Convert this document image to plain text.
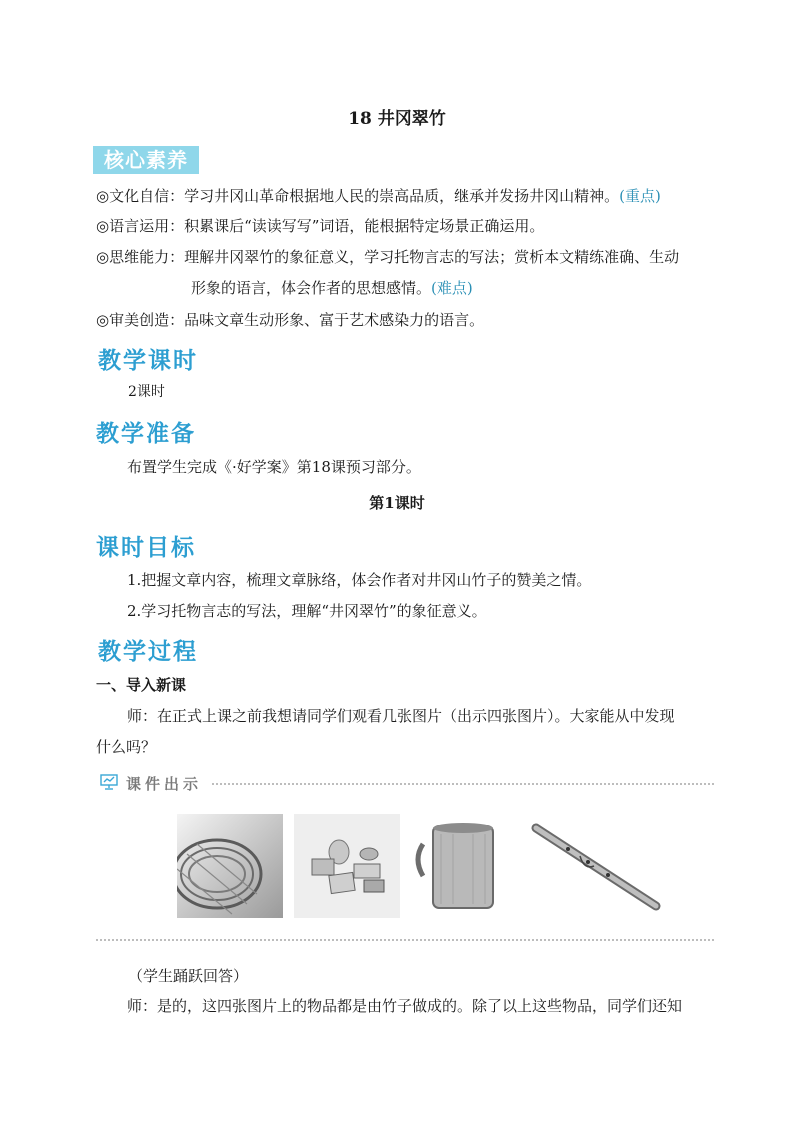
18 井冈翠竹
核心素养
◎文化自信：学习井冈山革命根据地人民的崇高品质，继承并发扬井冈山精神。(重点)
◎语言运用：积累课后“读读写写”词语，能根据特定场景正确运用。
◎思维能力：理解井冈翠竹的象征意义，学习托物言志的写法；赏析本文精练准确、生动
形象的语言，体会作者的思想感情。(难点)
◎审美创造：品味文章生动形象、富于艺术感染力的语言。
教学课时
2课时
教学准备
布置学生完成《·好学案》第18课预习部分。
第1课时
课时目标
1.把握文章内容，梳理文章脉络，体会作者对井冈山竹子的赞美之情。
2.学习托物言志的写法，理解“井冈翠竹”的象征意义。
教学过程
一、导入新课
师：在正式上课之前我想请同学们观看几张图片（出示四张图片）。大家能从中发现
什么吗？
课件出示
（学生踊跃回答）
师：是的，这四张图片上的物品都是由竹子做成的。除了以上这些物品，同学们还知
